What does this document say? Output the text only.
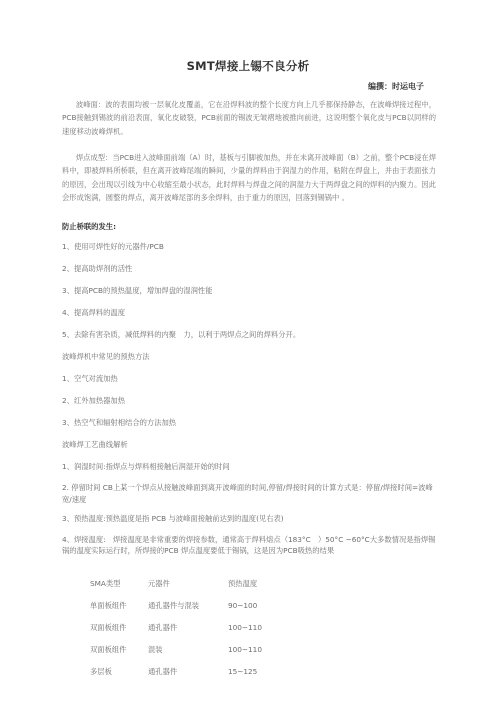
SMT焊接上锡不良分析
编撰：时运电子

波峰面：波的表面均被一层氧化皮覆盖，它在沿焊料波的整个长度方向上几乎都保持静态，在波峰焊接过程中，PCB接触到锡波的前沿表面，氧化皮破裂，PCB前面的锡波无皱褶地被推向前进，这说明整个氧化皮与PCB以同样的速度移动波峰焊机。

焊点成型：当PCB进入波峰面前端（A）时，基板与引脚被加热，并在未离开波峰面（B）之前，整个PCB浸在焊料中，即被焊料所桥联，但在离开波峰尾端的瞬间，少量的焊料由于润湿力的作用，粘附在焊盘上，并由于表面张力的原因，会出现以引线为中心收缩至最小状态，此时焊料与焊盘之间的润湿力大于两焊盘之间的焊料的内聚力。因此会形成饱满，圆整的焊点，离开波峰尾部的多余焊料，由于重力的原因，回落到锡锅中 。

防止桥联的发生:
1、使用可焊性好的元器件/PCB
2、提高助焊剂的活性
3、提高PCB的预热温度，增加焊盘的湿润性能
4、提高焊料的温度
5、去除有害杂质，减低焊料的内聚　力，以利于两焊点之间的焊料分开。
波峰焊机中常见的预热方法
1、空气对流加热
2、红外加热器加热
3、热空气和辐射相结合的方法加热
波峰焊工艺曲线解析
1、润湿时间:指焊点与焊料相接触后润湿开始的时间
2. 停留时间 CB上某一个焊点从接触波峰面到离开波峰面的时间,停留/焊接时间的计算方式是：停留/焊接时间=波峰宽/速度
3、预热温度:预热温度是指 PCB 与波峰面接触前达到的温度(见右表)
4、焊接温度:　焊接温度是非常重要的焊接参数，通常高于焊料熔点（183°C　）50°C ~60°C大多数情况是指焊锡锅的温度实际运行时，所焊接的PCB 焊点温度要低于锡锅，这是因为PCB吸热的结果
SMA类型	元器件	预热温度
单面板组件	通孔器件与混装	90~100
双面板组件	通孔器件	100~110
双面板组件	混装	100~110
多层板	通孔器件	15~125
